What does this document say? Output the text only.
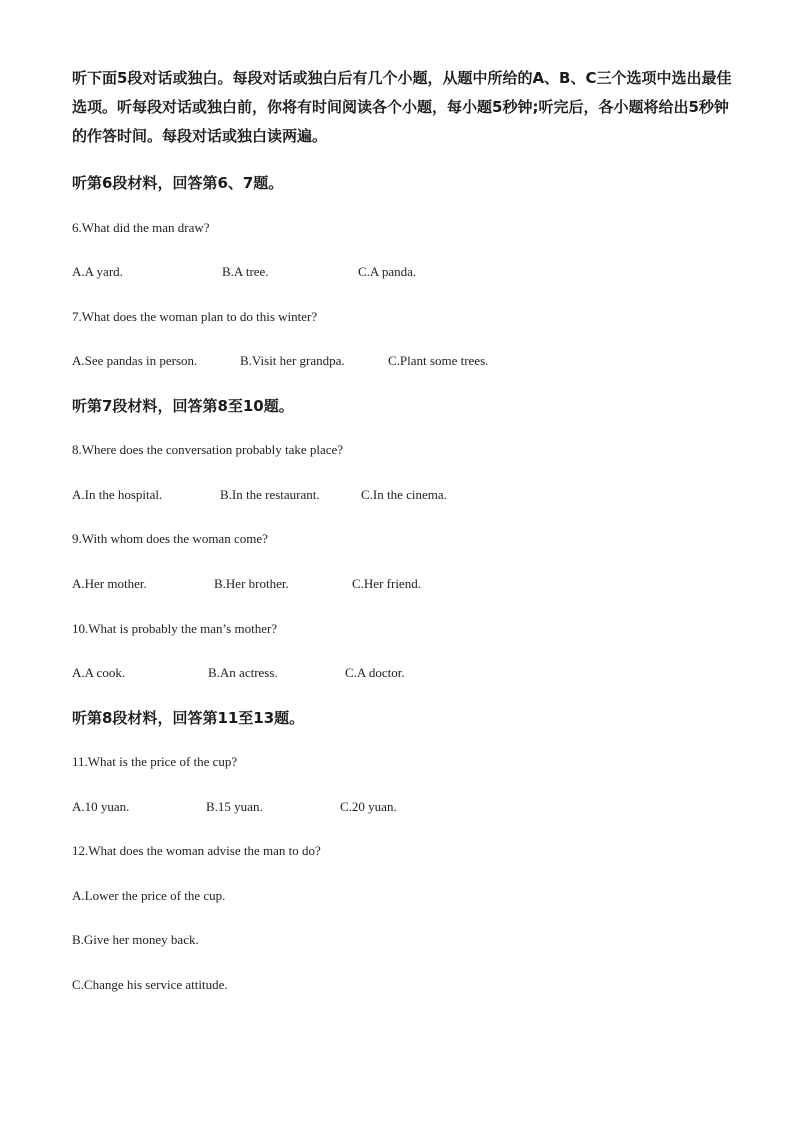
听下面5段对话或独白。每段对话或独白后有几个小题，从题中所给的A、B、C三个选项中选出最佳选项。听每段对话或独白前，你将有时间阅读各个小题，每小题5秒钟;听完后，各小题将给出5秒钟的作答时间。每段对话或独白读两遍。

听第6段材料，回答第6、7题。

6.What did the man draw?

A.A yard.	B.A tree.	C.A panda.

7.What does the woman plan to do this winter?

A.See pandas in person.	B.Visit her grandpa.	C.Plant some trees.

听第7段材料，回答第8至10题。

8.Where does the conversation probably take place?

A.In the hospital.	B.In the restaurant.	C.In the cinema.

9.With whom does the woman come?

A.Her mother.	B.Her brother.	C.Her friend.

10.What is probably the man’s mother?

A.A cook.	B.An actress.	C.A doctor.

听第8段材料，回答第11至13题。

11.What is the price of the cup?

A.10 yuan.	B.15 yuan.	C.20 yuan.

12.What does the woman advise the man to do?

A.Lower the price of the cup.
B.Give her money back.
C.Change his service attitude.
